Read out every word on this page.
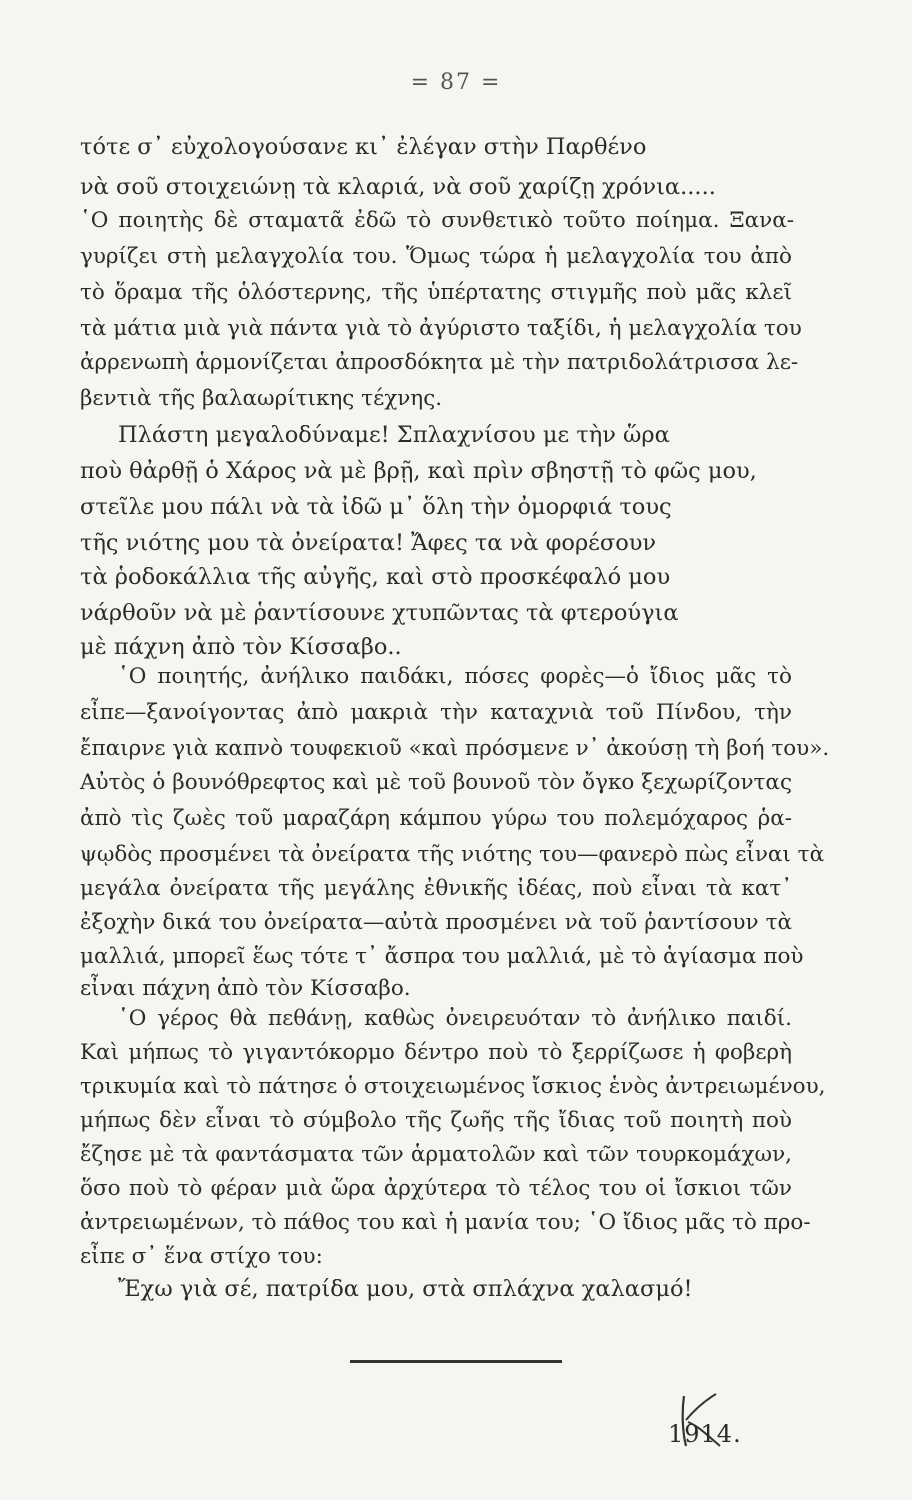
= 87 =
τότε σ᾽ εὐχολογούσανε κι᾽ ἐλέγαν στὴν Παρθένο
νὰ σοῦ στοιχειώνῃ τὰ κλαριά, νὰ σοῦ χαρίζῃ χρόνια.....
῾Ο ποιητὴς δὲ σταματᾶ ἐδῶ τὸ συνθετικὸ τοῦτο ποίημα. Ξανα-
γυρίζει στὴ μελαγχολία του. Ὅμως τώρα ἡ μελαγχολία του ἀπὸ
τὸ ὅραμα τῆς ὁλόστερνης, τῆς ὑπέρτατης στιγμῆς ποὺ μᾶς κλεῖ
τὰ μάτια μιὰ γιὰ πάντα γιὰ τὸ ἀγύριστο ταξίδι, ἡ μελαγχολία του
ἀρρενωπὴ ἁρμονίζεται ἀπροσδόκητα μὲ τὴν πατριδολάτρισσα λε-
βεντιὰ τῆς βαλαωρίτικης τέχνης.
Πλάστη μεγαλοδύναμε! Σπλαχνίσου με τὴν ὥρα
ποὺ θἀρθῇ ὁ Χάρος νὰ μὲ βρῇ, καὶ πρὶν σβηστῇ τὸ φῶς μου,
στεῖλε μου πάλι νὰ τὰ ἰδῶ μ᾽ ὅλη τὴν ὀμορφιά τους
τῆς νιότης μου τὰ ὀνείρατα! Ἄφες τα νὰ φορέσουν
τὰ ῥοδοκάλλια τῆς αὐγῆς, καὶ στὸ προσκέφαλό μου
νάρθοῦν νὰ μὲ ῥαντίσουνε χτυπῶντας τὰ φτερούγια
μὲ πάχνη ἀπὸ τὸν Κίσσαβο..
῾Ο ποιητής, ἀνήλικο παιδάκι, πόσες φορὲς—ὁ ἴδιος μᾶς τὸ
εἶπε—ξανοίγοντας ἀπὸ μακριὰ τὴν καταχνιὰ τοῦ Πίνδου, τὴν
ἔπαιρνε γιὰ καπνὸ τουφεκιοῦ «καὶ πρόσμενε ν᾽ ἀκούσῃ τὴ βοή του».
Αὐτὸς ὁ βουνόθρεφτος καὶ μὲ τοῦ βουνοῦ τὸν ὄγκο ξεχωρίζοντας
ἀπὸ τὶς ζωὲς τοῦ μαραζάρη κάμπου γύρω του πολεμόχαρος ῥα-
ψῳδὸς προσμένει τὰ ὀνείρατα τῆς νιότης του—φανερὸ πὼς εἶναι τὰ
μεγάλα ὀνείρατα τῆς μεγάλης ἐθνικῆς ἰδέας, ποὺ εἶναι τὰ κατ᾽
ἐξοχὴν δικά του ὀνείρατα—αὐτὰ προσμένει νὰ τοῦ ῥαντίσουν τὰ
μαλλιά, μπορεῖ ἕως τότε τ᾽ ἄσπρα του μαλλιά, μὲ τὸ ἁγίασμα ποὺ
εἶναι πάχνη ἀπὸ τὸν Κίσσαβο.
῾Ο γέρος θὰ πεθάνῃ, καθὼς ὀνειρευόταν τὸ ἀνήλικο παιδί.
Καὶ μήπως τὸ γιγαντόκορμο δέντρο ποὺ τὸ ξερρίζωσε ἡ φοβερὴ
τρικυμία καὶ τὸ πάτησε ὁ στοιχειωμένος ἴσκιος ἑνὸς ἀντρειωμένου,
μήπως δὲν εἶναι τὸ σύμβολο τῆς ζωῆς τῆς ἴδιας τοῦ ποιητὴ ποὺ
ἔζησε μὲ τὰ φαντάσματα τῶν ἁρματολῶν καὶ τῶν τουρκομάχων,
ὅσο ποὺ τὸ φέραν μιὰ ὥρα ἀρχύτερα τὸ τέλος του οἱ ἴσκιοι τῶν
ἀντρειωμένων, τὸ πάθος του καὶ ἡ μανία του; ῾Ο ἴδιος μᾶς τὸ προ-
εἶπε σ᾽ ἕνα στίχο του:
Ἔχω γιὰ σέ, πατρίδα μου, στὰ σπλάχνα χαλασμό!
1914.
